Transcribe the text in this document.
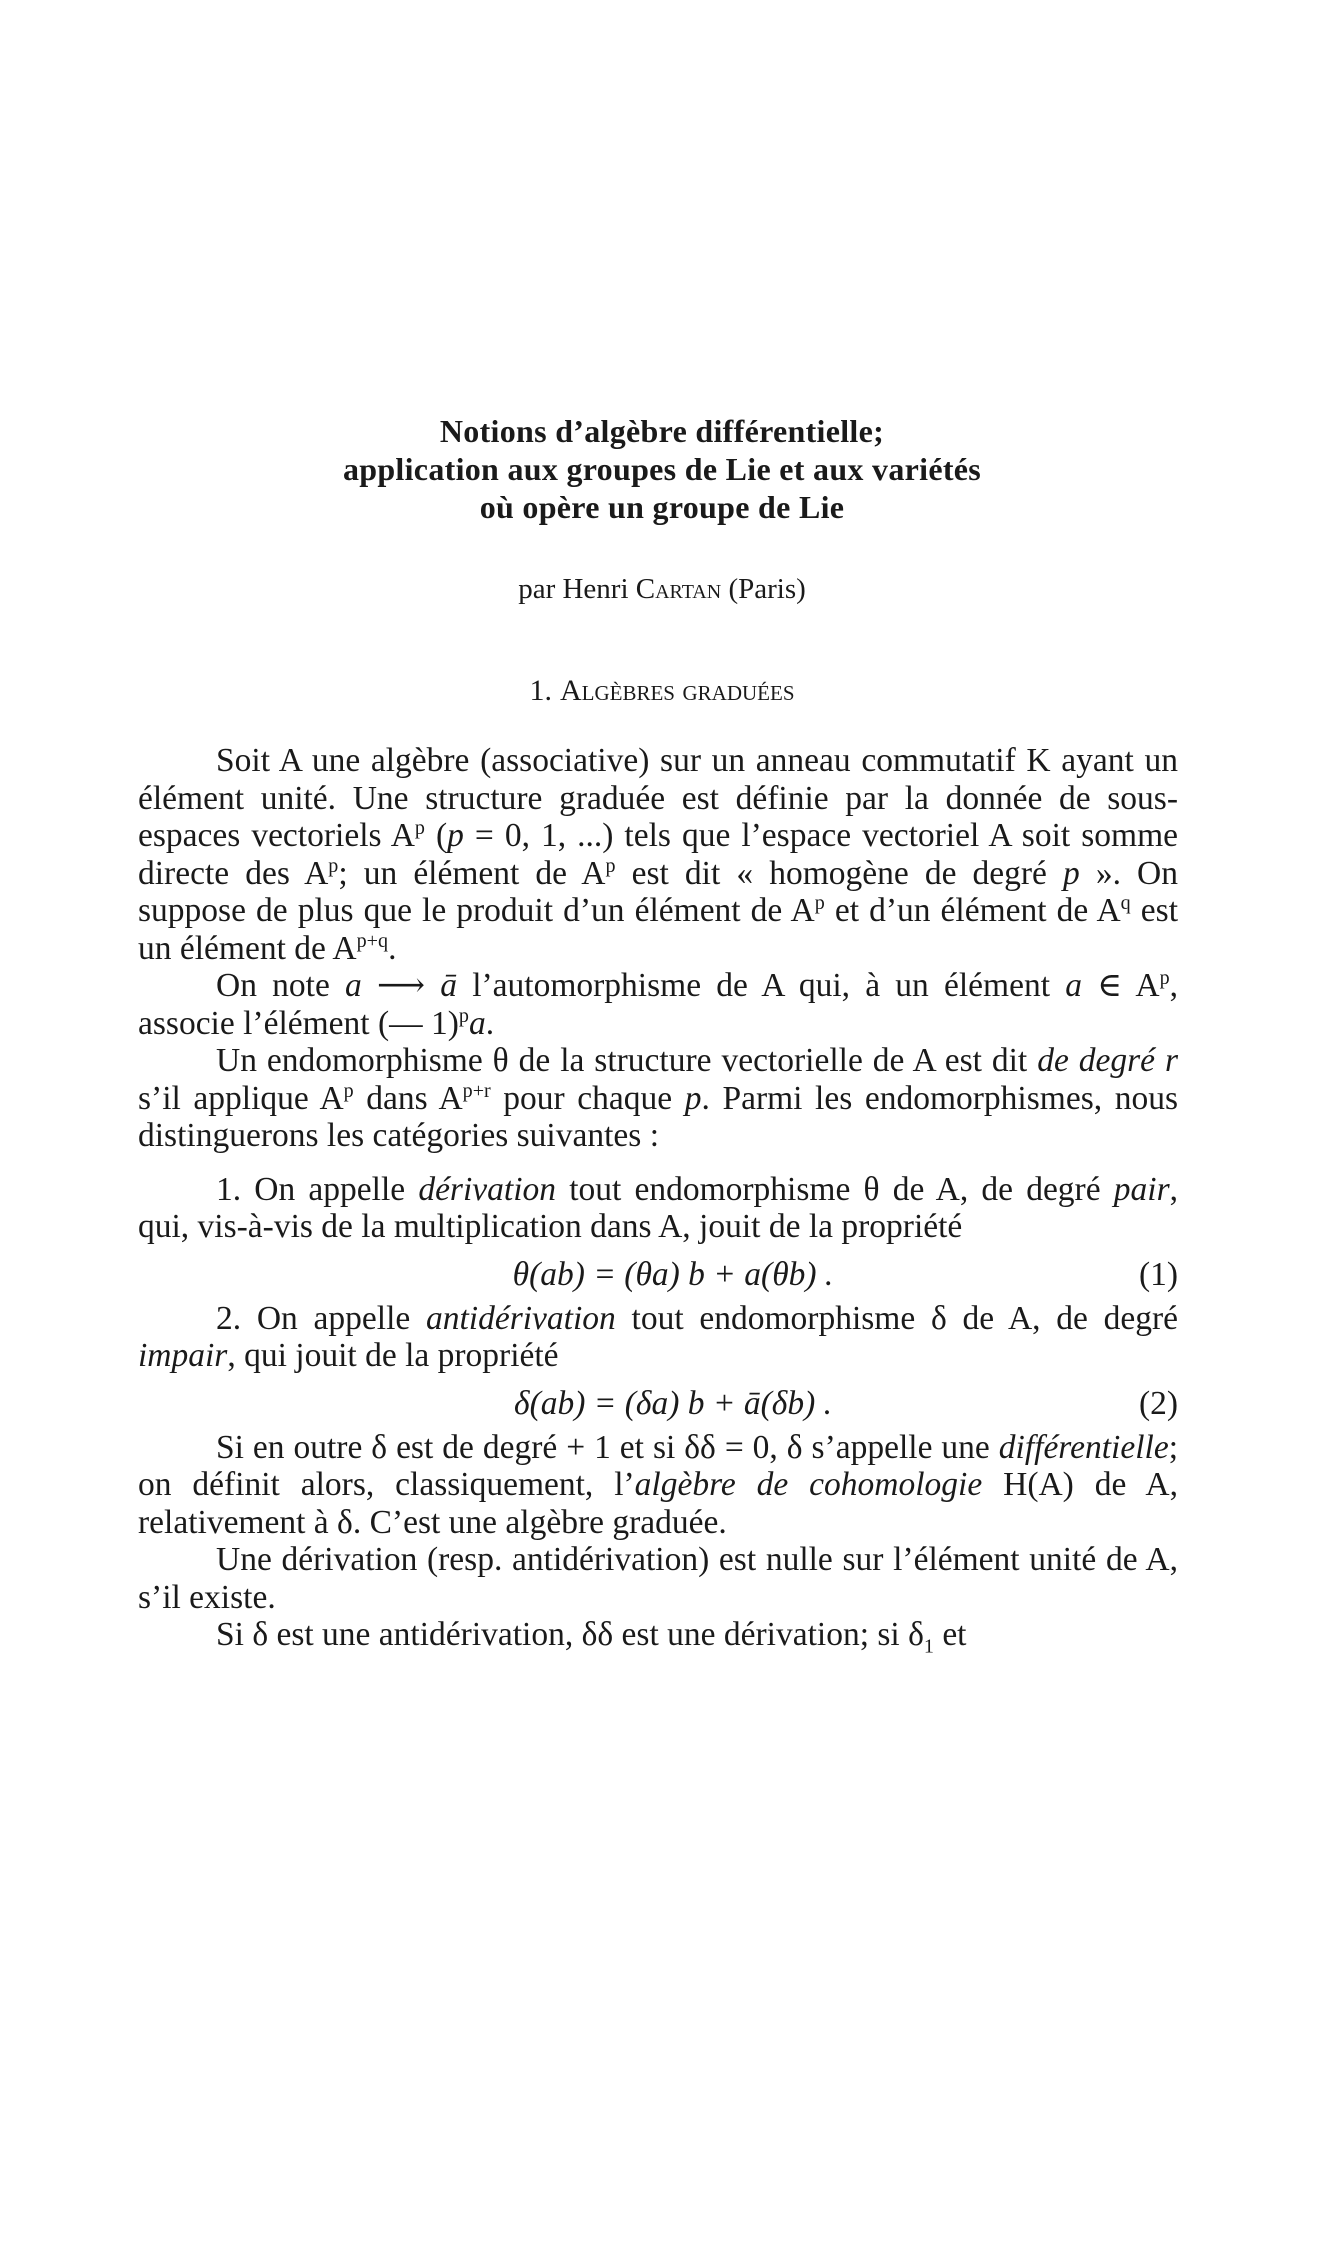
Notions d’algèbre différentielle;

application aux groupes de Lie et aux variétés

où opère un groupe de Lie

par Henri Cartan (Paris)
1. Algèbres graduées

Soit A une algèbre (associative) sur un anneau commutatif K ayant un élément unité. Une structure graduée est définie par la donnée de sous-espaces vectoriels $A^p$ (p = 0, 1, ...) tels que l’espace vectoriel A soit somme directe des $A^p$; un élément de $A^p$ est dit « homogène de degré p ». On suppose de plus que le produit d’un élément de $A^p$ et d’un élément de $A^q$ est un élément de $A^{p+q}$.

On note a ⟶ ā l’automorphisme de A qui, à un élément a ∈ $A^p$, associe l’élément (— 1)$^p$a.

Un endomorphisme θ de la structure vectorielle de A est dit de degré r s’il applique $A^p$ dans $A^{p+r}$ pour chaque p. Parmi les endomorphismes, nous distinguerons les catégories suivantes :

1. On appelle dérivation tout endomorphisme θ de A, de degré pair, qui, vis-à-vis de la multiplication dans A, jouit de la propriété

θ(ab) = (θa) b + a(θb) .	(1)

2. On appelle antidérivation tout endomorphisme δ de A, de degré impair, qui jouit de la propriété

δ(ab) = (δa) b + ā(δb) .	(2)

Si en outre δ est de degré + 1 et si δδ = 0, δ s’appelle une différentielle; on définit alors, classiquement, l’algèbre de cohomologie H(A) de A, relativement à δ. C’est une algèbre graduée.

Une dérivation (resp. antidérivation) est nulle sur l’élément unité de A, s’il existe.

Si δ est une antidérivation, δδ est une dérivation; si $\delta_1$ et
